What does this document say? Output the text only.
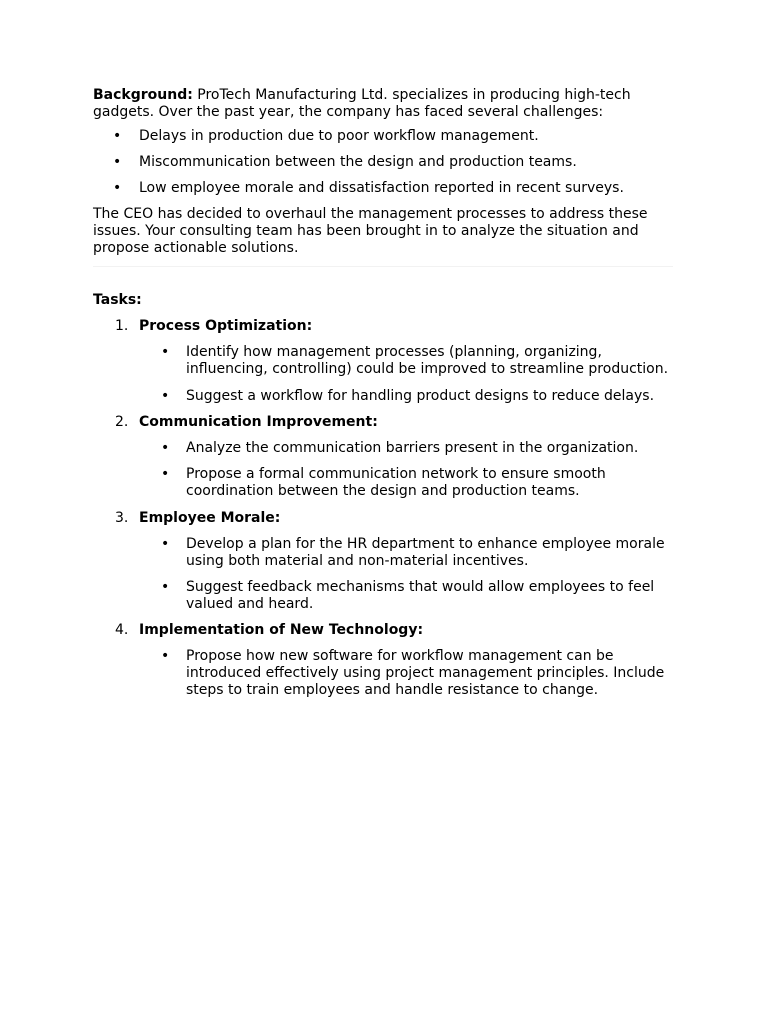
Background: ProTech Manufacturing Ltd. specializes in producing high-tech gadgets. Over the past year, the company has faced several challenges:

• Delays in production due to poor workflow management.
• Miscommunication between the design and production teams.
• Low employee morale and dissatisfaction reported in recent surveys.

The CEO has decided to overhaul the management processes to address these issues. Your consulting team has been brought in to analyze the situation and propose actionable solutions.

Tasks:

1. Process Optimization:
• Identify how management processes (planning, organizing, influencing, controlling) could be improved to streamline production.
• Suggest a workflow for handling product designs to reduce delays.
2. Communication Improvement:
• Analyze the communication barriers present in the organization.
• Propose a formal communication network to ensure smooth coordination between the design and production teams.
3. Employee Morale:
• Develop a plan for the HR department to enhance employee morale using both material and non-material incentives.
• Suggest feedback mechanisms that would allow employees to feel valued and heard.
4. Implementation of New Technology:
• Propose how new software for workflow management can be introduced effectively using project management principles. Include steps to train employees and handle resistance to change.
